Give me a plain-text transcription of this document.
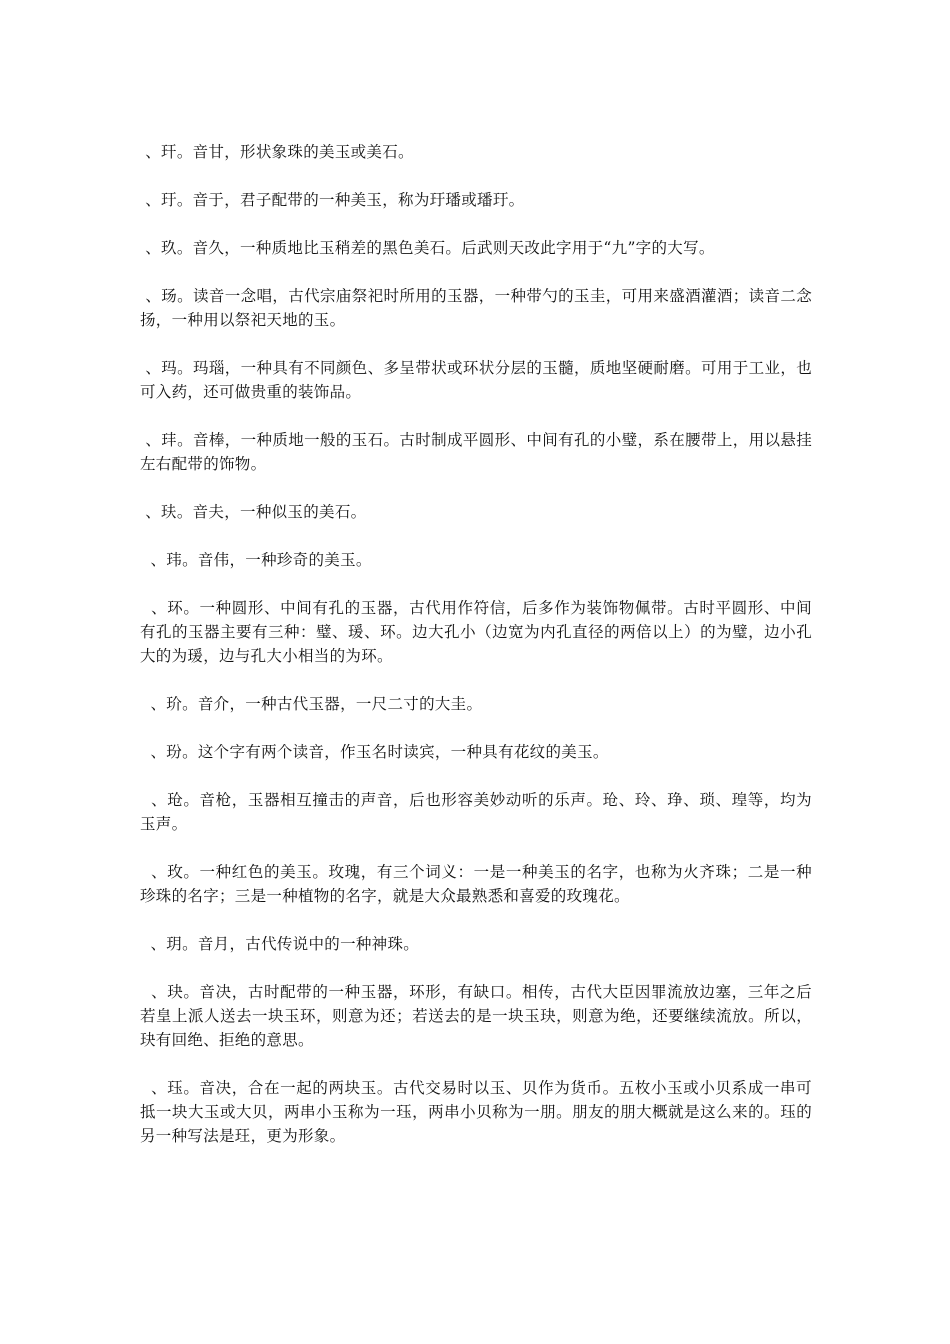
、玕。音甘，形状象珠的美玉或美石。

、玗。音于，君子配带的一种美玉，称为玗璠或璠玗。

、玖。音久，一种质地比玉稍差的黑色美石。后武则天改此字用于“九”字的大写。

、玚。读音一念唱，古代宗庙祭祀时所用的玉器，一种带勺的玉圭，可用来盛酒灌酒；读音二念扬，一种用以祭祀天地的玉。

、玛。玛瑙，一种具有不同颜色、多呈带状或环状分层的玉髓，质地坚硬耐磨。可用于工业，也可入药，还可做贵重的装饰品。

、玤。音棒，一种质地一般的玉石。古时制成平圆形、中间有孔的小璧，系在腰带上，用以悬挂左右配带的饰物。

、玞。音夫，一种似玉的美石。

、玮。音伟，一种珍奇的美玉。

、环。一种圆形、中间有孔的玉器，古代用作符信，后多作为装饰物佩带。古时平圆形、中间有孔的玉器主要有三种：璧、瑗、环。边大孔小（边宽为内孔直径的两倍以上）的为璧，边小孔大的为瑗，边与孔大小相当的为环。

、玠。音介，一种古代玉器，一尺二寸的大圭。

、玢。这个字有两个读音，作玉名时读宾，一种具有花纹的美玉。

、玱。音枪，玉器相互撞击的声音，后也形容美妙动听的乐声。玱、玲、琤、琐、瑝等，均为玉声。

、玫。一种红色的美玉。玫瑰，有三个词义：一是一种美玉的名字，也称为火齐珠；二是一种珍珠的名字；三是一种植物的名字，就是大众最熟悉和喜爱的玫瑰花。

、玥。音月，古代传说中的一种神珠。

、玦。音决，古时配带的一种玉器，环形，有缺口。相传，古代大臣因罪流放边塞，三年之后若皇上派人送去一块玉环，则意为还；若送去的是一块玉玦，则意为绝，还要继续流放。所以，玦有回绝、拒绝的意思。

、珏。音决，合在一起的两块玉。古代交易时以玉、贝作为货币。五枚小玉或小贝系成一串可抵一块大玉或大贝，两串小玉称为一珏，两串小贝称为一朋。朋友的朋大概就是这么来的。珏的另一种写法是玨，更为形象。
